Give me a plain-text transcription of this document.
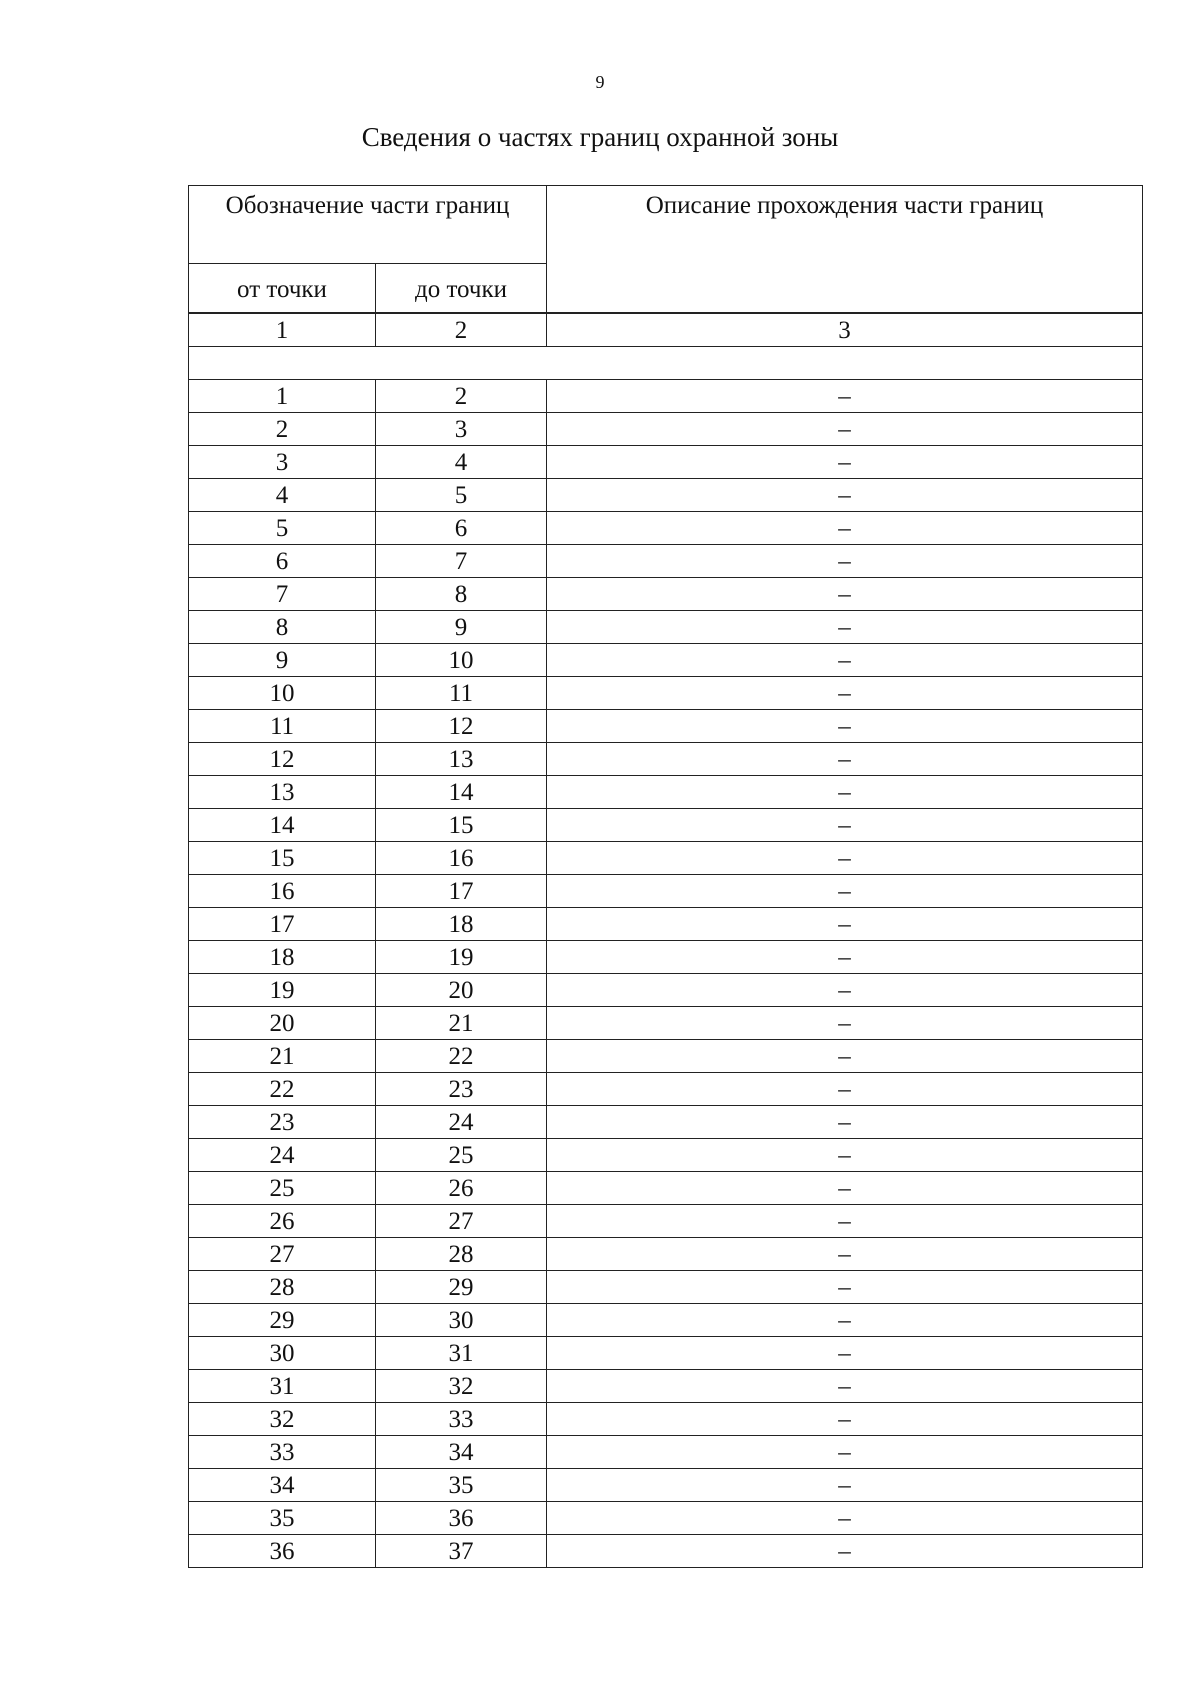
9
Сведения о частях границ охранной зоны
Обозначение части границ		Описание прохождения части границ
от точки	до точки	

1	2	3

1	2	–
2	3	–
3	4	–
4	5	–
5	6	–
6	7	–
7	8	–
8	9	–
9	10	–
10	11	–
11	12	–
12	13	–
13	14	–
14	15	–
15	16	–
16	17	–
17	18	–
18	19	–
19	20	–
20	21	–
21	22	–
22	23	–
23	24	–
24	25	–
25	26	–
26	27	–
27	28	–
28	29	–
29	30	–
30	31	–
31	32	–
32	33	–
33	34	–
34	35	–
35	36	–
36	37	–
